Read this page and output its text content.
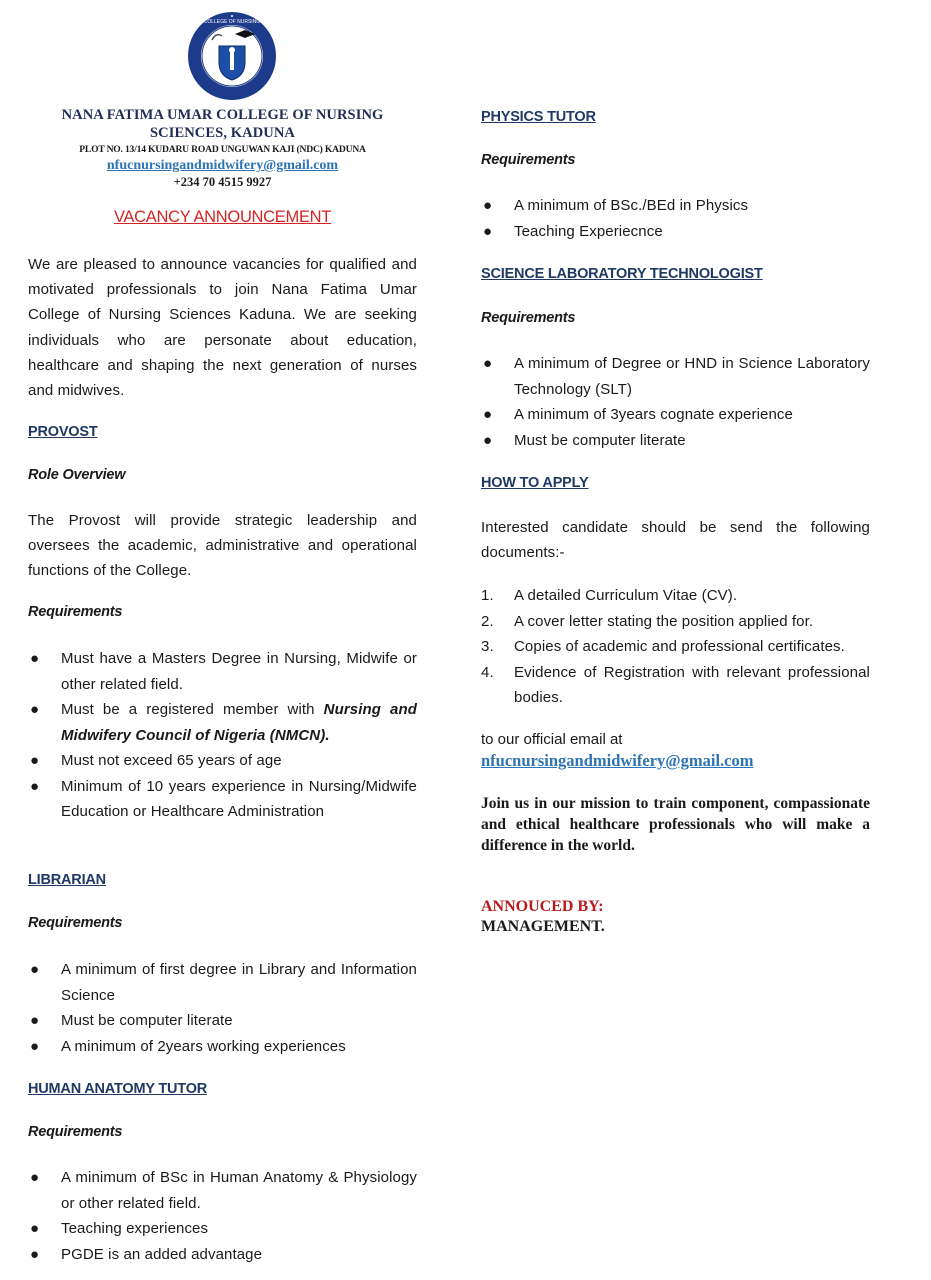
COLLEGE OF NURSING
NANA FATIMA UMAR COLLEGE OF NURSING
SCIENCES, KADUNA
PLOT NO. 13/14 KUDARU ROAD UNGUWAN KAJI (NDC) KADUNA
nfucnursingandmidwifery@gmail.com
+234 70 4515 9927
VACANCY ANNOUNCEMENT

We are pleased to announce vacancies for qualified and motivated professionals to join Nana Fatima Umar College of Nursing Sciences Kaduna. We are seeking individuals who are personate about education, healthcare and shaping the next generation of nurses and midwives.

PROVOST
Role Overview

The Provost will provide strategic leadership and oversees the academic, administrative and operational functions of the College.

Requirements
● Must have a Masters Degree in Nursing, Midwife or other related field.
● Must be a registered member with Nursing and Midwifery Council of Nigeria (NMCN).
● Must not exceed 65 years of age
● Minimum of 10 years experience in Nursing/Midwife Education or Healthcare Administration
LIBRARIAN
Requirements
● A minimum of first degree in Library and Information Science
● Must be computer literate
● A minimum of 2years working experiences
HUMAN ANATOMY TUTOR
Requirements
● A minimum of BSc in Human Anatomy & Physiology or other related field.
● Teaching experiences
● PGDE is an added advantage
PHYSICS TUTOR
Requirements
● A minimum of BSc./BEd in Physics
● Teaching Experiecnce
SCIENCE LABORATORY TECHNOLOGIST
Requirements
● A minimum of Degree or HND in Science Laboratory Technology (SLT)
● A minimum of 3years cognate experience
● Must be computer literate
HOW TO APPLY

Interested candidate should be send the following documents:-

1. A detailed Curriculum Vitae (CV).
2. A cover letter stating the position applied for.
3. Copies of academic and professional certificates.
4. Evidence of Registration with relevant professional bodies.
to our official email at
nfucnursingandmidwifery@gmail.com

Join us in our mission to train component, compassionate and ethical healthcare professionals who will make a difference in the world.

ANNOUCED BY:
MANAGEMENT.
